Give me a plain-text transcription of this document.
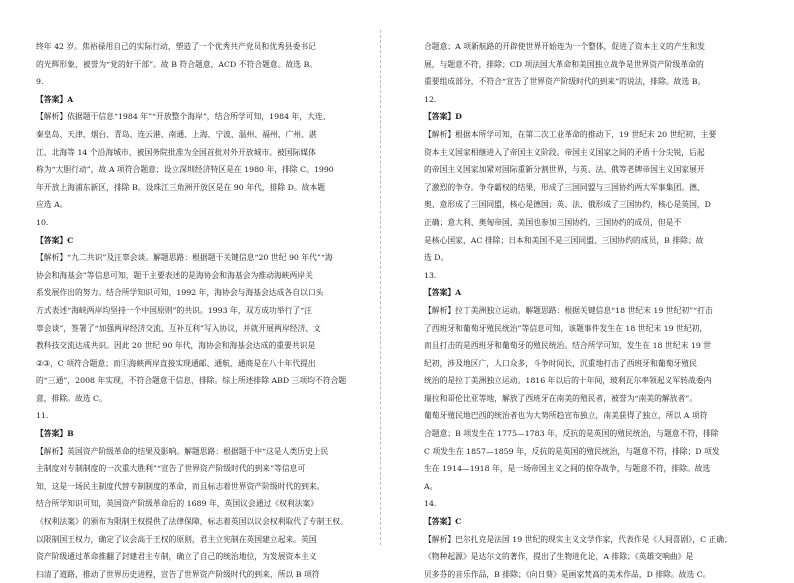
终年 42 岁。焦裕禄用自己的实际行动，塑造了一个优秀共产党员和优秀县委书记
的光辉形象，被誉为“党的好干部”。故 B 符合题意，ACD 不符合题意。故选 B。
9.
【答案】A
【解析】依据题干信息“1984 年”“开放整个海岸”，结合所学可知，1984 年，大连、
秦皇岛、天津、烟台、青岛、连云港、南通、上海、宁波、温州、福州、广州、湛
江、北海等 14 个沿海城市，被国务院批准为全国首批对外开放城市。被国际媒体
称为“大胆行动”，故 A 项符合题意；设立深圳经济特区是在 1980 年，排除 C。1990
年开放上海浦东新区，排除 B。设珠江三角洲开放区是在 90 年代，排除 D。故本题
应选 A。
10.
【答案】C
【解析】“九二共识”及汪辜会谈。解题思路：根据题干关键信息“20 世纪 90 年代”“海
协会和海基会”等信息可知，题干主要表述的是海协会和海基会为推动海峡两岸关
系发展作出的努力。结合所学知识可知，1992 年，海协会与海基会达成各自以口头
方式表述“海峡两岸均坚持一个中国原则”的共识。1993 年，双方成功举行了“汪
辜会谈”，签署了“加强两岸经济交流、互补互利”写入协议，并就开展两岸经济、文
教科技交流达成共识。因此 20 世纪 90 年代，海协会和海基会达成的重要共识是
②③，C 项符合题意；而①海峡两岸直接实现通邮、通航、通商是在八十年代提出
的“三通”，2008 年实现，不符合题意干信息，排除。综上所述排除 ABD 三项均不符合题
意，排除。故选 C。
11.
【答案】B
【解析】英国资产阶级革命的结果及影响。解题思路：根据题干中“这是人类历史上民
主制度对专制制度的一次重大胜利”“宣告了世界资产阶级时代的到来”等信息可
知，这是一场民主制度代替专制制度的革命，而且标志着世界资产阶级时代的到来。
结合所学知识可知，英国资产阶级革命后的 1689 年，英国议会通过《权利法案》
《权利法案》的颁布为限制王权提供了法律保障，标志着英国以议会权利取代了专制王权。
以限制国王权力，确定了议会高于王权的原则，君主立宪制在英国建立起来。英国
资产阶级通过革命推翻了封建君主专制，确立了自己的统治地位，为发展资本主义
扫清了道路，推动了世界历史进程，宣告了世界资产阶级时代的到来，所以 B 项符
合题意；A 项新航路的开辟使世界开始连为一个整体，促进了资本主义的产生和发
展，与题意不符，排除；CD 项法国大革命和美国独立战争是世界资产阶级革命的
重要组成部分，不符合“宣告了世界资产阶级时代的到来”的说法，排除。故选 B。
12.
【答案】D
【解析】根据本所学可知，在第二次工业革命的推动下，19 世纪末 20 世纪初，主要
资本主义国家相继进入了帝国主义阶段。帝国主义国家之间的矛盾十分尖锐，后起
的帝国主义国家加紧对国际重新分割世界，与英、法、俄等老牌帝国主义国家展开
了激烈的争夺。争夺霸权的结果，形成了三国同盟与三国协约两大军事集团。德、
奥、意形成了三国同盟，核心是德国；英、法、俄形成了三国协约，核心是英国，D
正确；意大利、奥匈帝国、美国也参加三国协约，三国协约的成员，但是不
是核心国家，AC 排除；日本和美国不是三国同盟、三国协约的成员，B 排除；故
选 D。
13.
【答案】A
【解析】拉丁美洲独立运动。解题思路：根据关键信息“18 世纪末 19 世纪初”“打击
了西班牙和葡萄牙殖民统治”等信息可知，该题事件发生在 18 世纪末 19 世纪初，
而且打击的是西班牙和葡萄牙的殖民统治。结合所学可知，发生在 18 世纪末 19 世
纪初，涉及地区广，人口众多，斗争时间长，沉重地打击了西班牙和葡萄牙殖民
统治的是拉丁美洲独立运动。1816 年以后的十年间，玻利瓦尔率领起义军转战委内
瑞拉和哥伦比亚等地，解放了西班牙在南美的殖民者，被誉为“南美的解放者”。
葡萄牙殖民地巴西的统治者也为大势所趋宣布独立，南美获得了独立，所以 A 项符
合题意；B 项发生在 1775—1783 年，反抗的是英国的殖民统治，与题意不符，排除
C 项发生在 1857—1859 年，反抗的是英国的殖民统治，与题意不符，排除；D 项发
生在 1914—1918 年，是一场帝国主义之间的掠夺战争，与题意不符，排除。故选
A。
14.
【答案】C
【解析】巴尔扎克是法国 19 世纪的现实主义文学作家，代表作是《人间喜剧》，C 正确；
《物种起源》是达尔文的著作，提出了生物进化论，A 排除；《英雄交响曲》是
贝多芬的音乐作品，B 排除；《向日葵》是画家梵高的美术作品，D 排除。故选 C。
